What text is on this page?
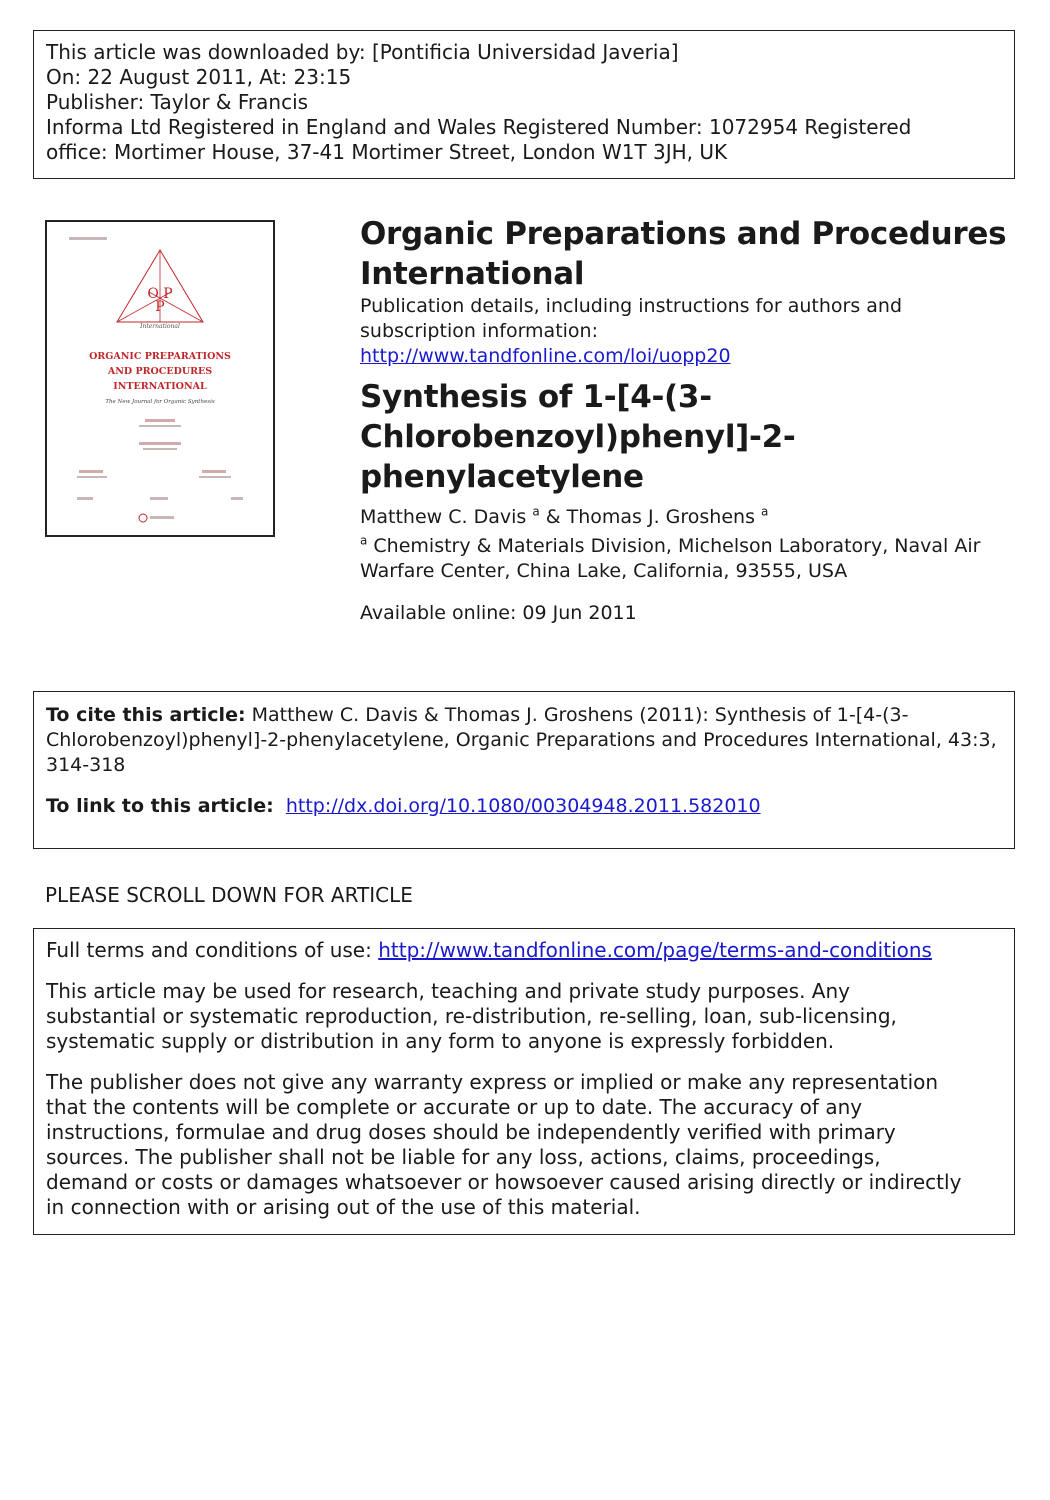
This article was downloaded by: [Pontificia Universidad Javeria]
On: 22 August 2011, At: 23:15
Publisher: Taylor & Francis
Informa Ltd Registered in England and Wales Registered Number: 1072954 Registered
office: Mortimer House, 37-41 Mortimer Street, London W1T 3JH, UK
O P
P
International
ORGANIC PREPARATIONS
AND PROCEDURES
INTERNATIONAL
The New Journal for Organic Synthesis
Organic Preparations and Procedures
International
Publication details, including instructions for authors and
subscription information:
http://www.tandfonline.com/loi/uopp20
Synthesis of 1-[4-(3-
Chlorobenzoyl)phenyl]-2-
phenylacetylene
Matthew C. Davis $^a$ & Thomas J. Groshens $^a$
$^a$ Chemistry & Materials Division, Michelson Laboratory, Naval Air
Warfare Center, China Lake, California, 93555, USA
Available online: 09 Jun 2011
To cite this article: Matthew C. Davis & Thomas J. Groshens (2011): Synthesis of 1-[4-(3-
Chlorobenzoyl)phenyl]-2-phenylacetylene, Organic Preparations and Procedures International, 43:3,
314-318
To link to this article: http://dx.doi.org/10.1080/00304948.2011.582010
PLEASE SCROLL DOWN FOR ARTICLE

Full terms and conditions of use: http://www.tandfonline.com/page/terms-and-conditions

This article may be used for research, teaching and private study purposes. Any
substantial or systematic reproduction, re-distribution, re-selling, loan, sub-licensing,
systematic supply or distribution in any form to anyone is expressly forbidden.

The publisher does not give any warranty express or implied or make any representation
that the contents will be complete or accurate or up to date. The accuracy of any
instructions, formulae and drug doses should be independently verified with primary
sources. The publisher shall not be liable for any loss, actions, claims, proceedings,
demand or costs or damages whatsoever or howsoever caused arising directly or indirectly
in connection with or arising out of the use of this material.
